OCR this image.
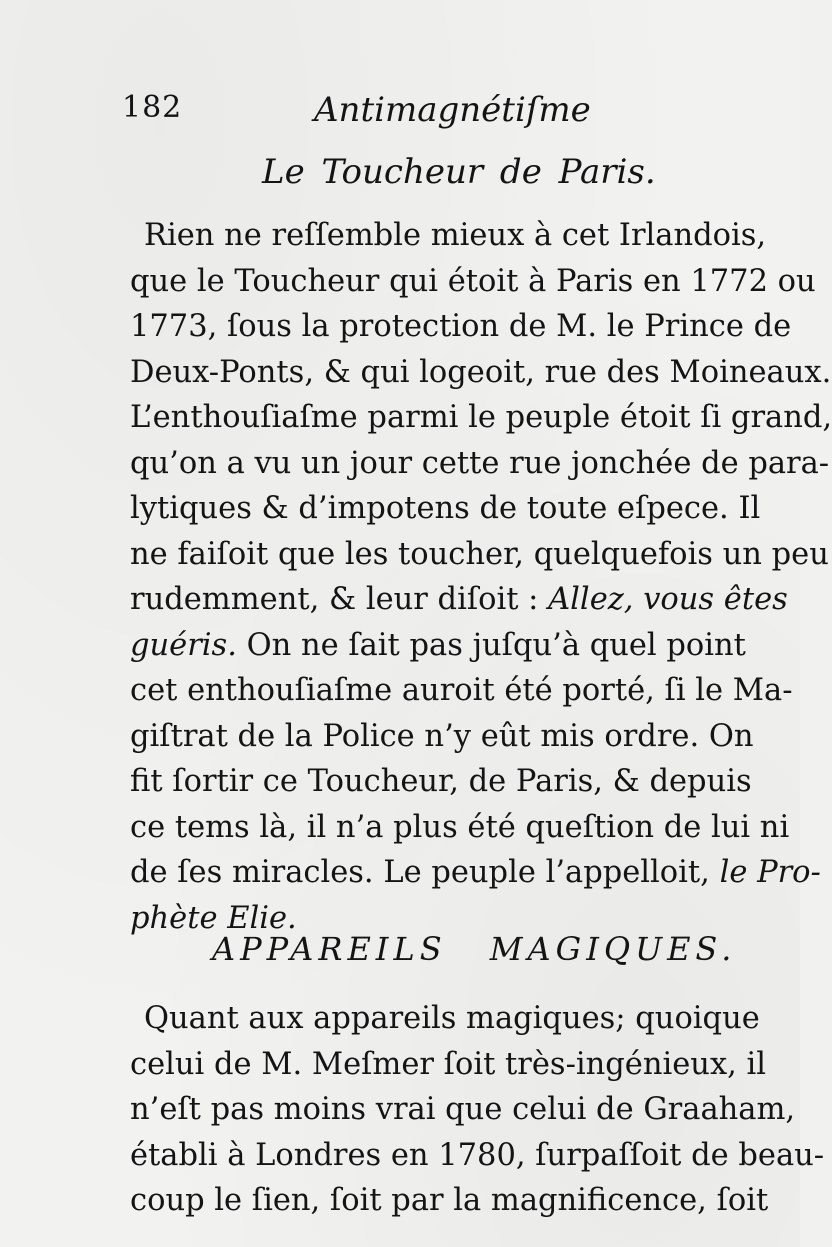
182	Antimagnétiſme
Le Toucheur de Paris.

Rien ne reſſemble mieux à cet Irlandois,
que le Toucheur qui étoit à Paris en 1772 ou
1773, ſous la protection de M. le Prince de
Deux-Ponts, & qui logeoit, rue des Moineaux.
L’enthouſiaſme parmi le peuple étoit ſi grand,
qu’on a vu un jour cette rue jonchée de para-
lytiques & d’impotens de toute eſpece. Il
ne faiſoit que les toucher, quelquefois un peu
rudemment, & leur diſoit : Allez, vous êtes
guéris. On ne ſait pas juſqu’à quel point
cet enthouſiaſme auroit été porté, ſi le Ma-
giſtrat de la Police n’y eût mis ordre. On
fit ſortir ce Toucheur, de Paris, & depuis
ce tems là, il n’a plus été queſtion de lui ni
de ſes miracles. Le peuple l’appelloit, le Pro-
phète Elie.

APPAREILS MAGIQUES.

Quant aux appareils magiques; quoique
celui de M. Meſmer ſoit très-ingénieux, il
n’eſt pas moins vrai que celui de Graaham,
établi à Londres en 1780, ſurpaſſoit de beau-
coup le ſien, ſoit par la magnificence, ſoit
